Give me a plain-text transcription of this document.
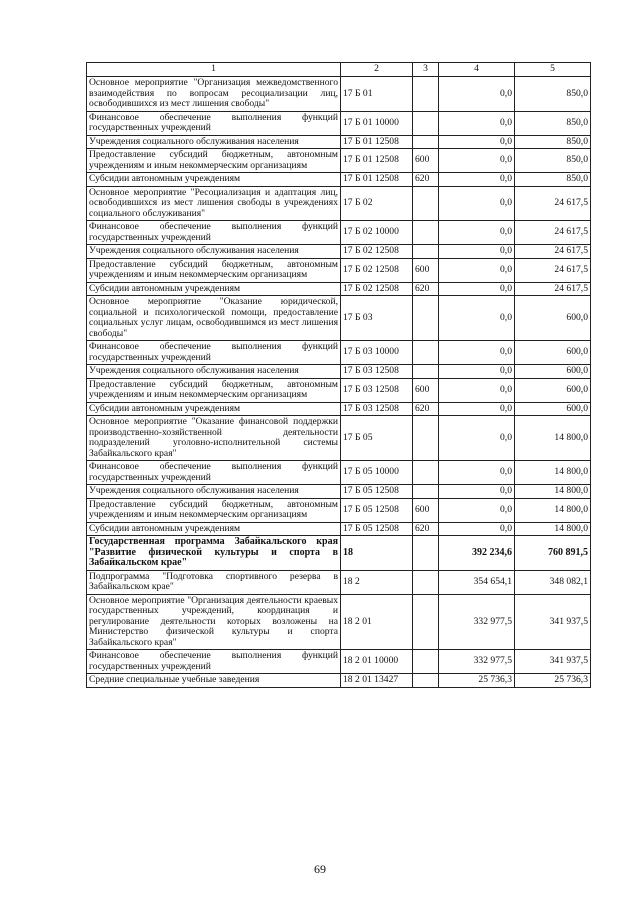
1	2	3	4	5
Основное мероприятие "Организация межведомственного взаимодействия по вопросам ресоциализации лиц, освободившихся из мест лишения свободы"	17 Б 01		0,0	850,0
Финансовое обеспечение выполнения функций государственных учреждений	17 Б 01 10000		0,0	850,0
Учреждения социального обслуживания населения	17 Б 01 12508		0,0	850,0
Предоставление субсидий бюджетным, автономным учреждениям и иным некоммерческим организациям	17 Б 01 12508	600	0,0	850,0
Субсидии автономным учреждениям	17 Б 01 12508	620	0,0	850,0
Основное мероприятие "Ресоциализация и адаптация лиц, освободившихся из мест лишения свободы в учреждениях социального обслуживания"	17 Б 02		0,0	24 617,5
Финансовое обеспечение выполнения функций государственных учреждений	17 Б 02 10000		0,0	24 617,5
Учреждения социального обслуживания населения	17 Б 02 12508		0,0	24 617,5
Предоставление субсидий бюджетным, автономным учреждениям и иным некоммерческим организациям	17 Б 02 12508	600	0,0	24 617,5
Субсидии автономным учреждениям	17 Б 02 12508	620	0,0	24 617,5
Основное мероприятие "Оказание юридической, социальной и психологической помощи, предоставление социальных услуг лицам, освободившимся из мест лишения свободы"	17 Б 03		0,0	600,0
Финансовое обеспечение выполнения функций государственных учреждений	17 Б 03 10000		0,0	600,0
Учреждения социального обслуживания населения	17 Б 03 12508		0,0	600,0
Предоставление субсидий бюджетным, автономным учреждениям и иным некоммерческим организациям	17 Б 03 12508	600	0,0	600,0
Субсидии автономным учреждениям	17 Б 03 12508	620	0,0	600,0
Основное мероприятие "Оказание финансовой поддержки производственно-хозяйственной деятельности подразделений уголовно-исполнительной системы Забайкальского края"	17 Б 05		0,0	14 800,0
Финансовое обеспечение выполнения функций государственных учреждений	17 Б 05 10000		0,0	14 800,0
Учреждения социального обслуживания населения	17 Б 05 12508		0,0	14 800,0
Предоставление субсидий бюджетным, автономным учреждениям и иным некоммерческим организациям	17 Б 05 12508	600	0,0	14 800,0
Субсидии автономным учреждениям	17 Б 05 12508	620	0,0	14 800,0
Государственная программа Забайкальского края "Развитие физической культуры и спорта в Забайкальском крае"	18		392 234,6	760 891,5
Подпрограмма "Подготовка спортивного резерва в Забайкальском крае"	18 2		354 654,1	348 082,1
Основное мероприятие "Организация деятельности краевых государственных учреждений, координация и регулирование деятельности которых возложены на Министерство физической культуры и спорта Забайкальского края"	18 2 01		332 977,5	341 937,5
Финансовое обеспечение выполнения функций государственных учреждений	18 2 01 10000		332 977,5	341 937,5
Средние специальные учебные заведения	18 2 01 13427		25 736,3	25 736,3
69
